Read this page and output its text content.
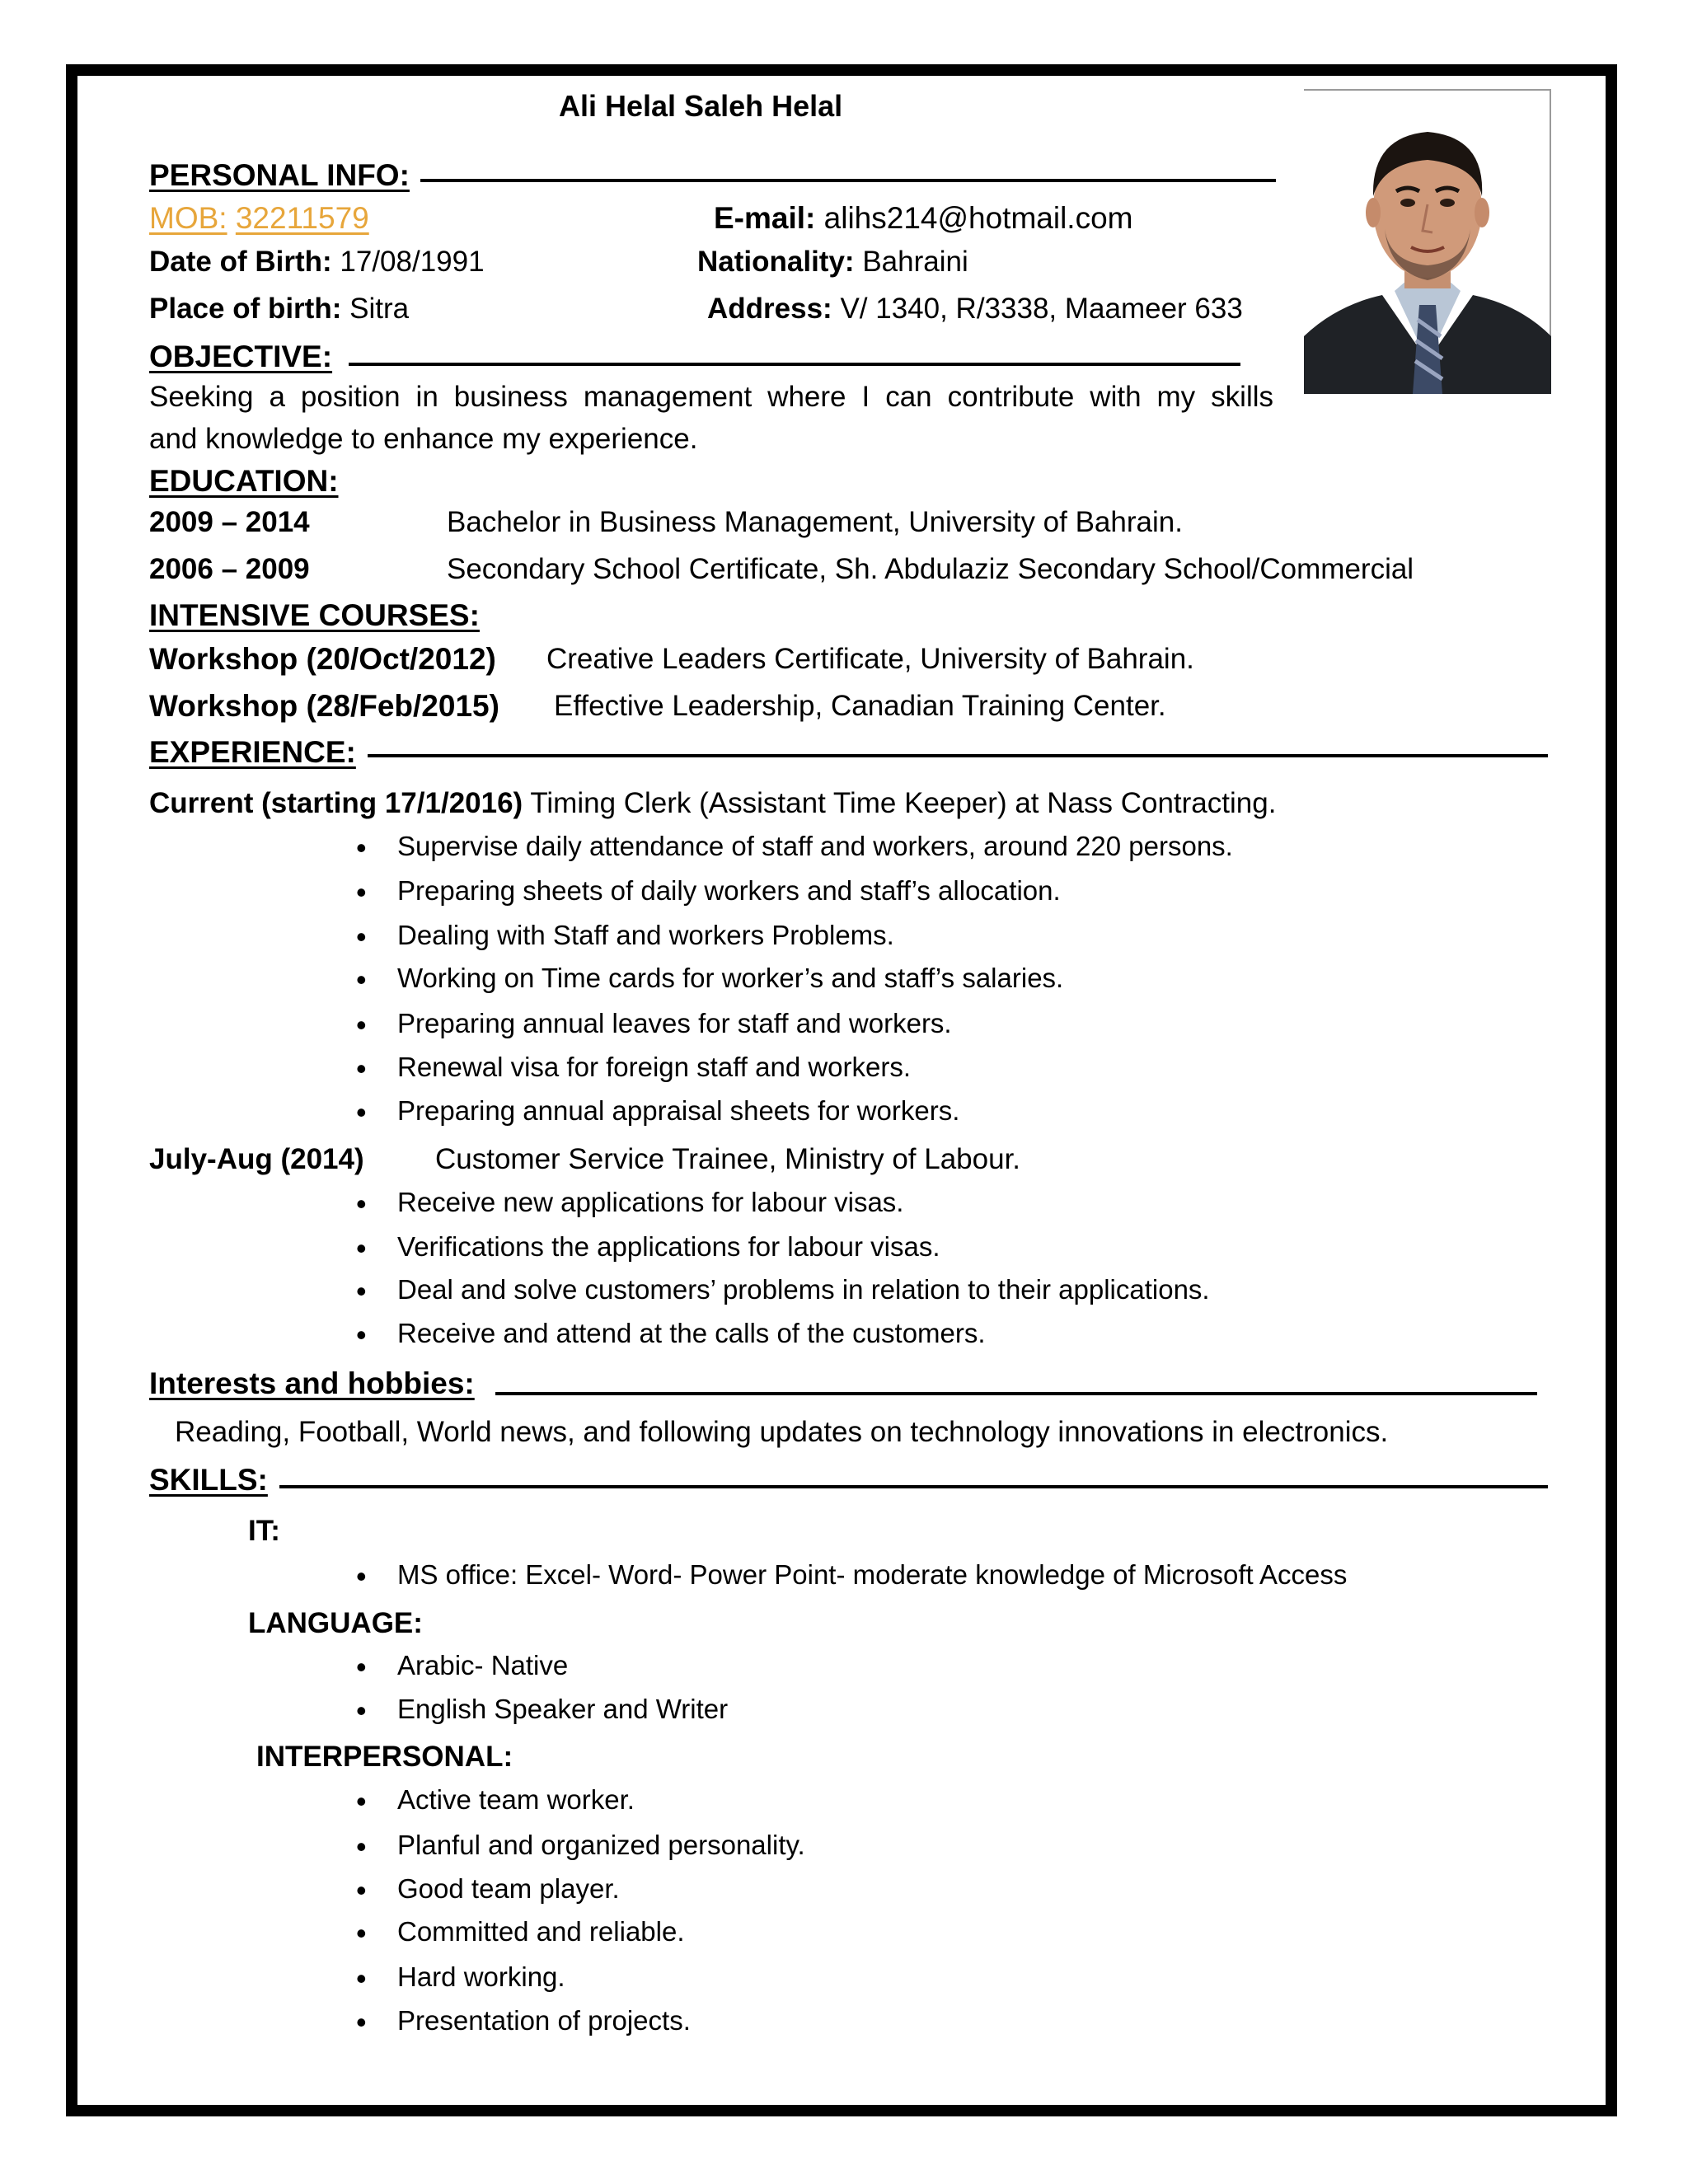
Ali Helal Saleh Helal
PERSONAL INFO:
MOB: 32211579	E-mail: alihs214@hotmail.com
Date of Birth: 17/08/1991	Nationality: Bahraini
Place of birth: Sitra	Address: V/ 1340, R/3338, Maameer 633
OBJECTIVE:
Seeking a position in business management where I can contribute with my skills
and knowledge to enhance my experience.
EDUCATION:
2009 – 2014	Bachelor in Business Management, University of Bahrain.
2006 – 2009	Secondary School Certificate, Sh. Abdulaziz Secondary School/Commercial
INTENSIVE COURSES:
Workshop (20/Oct/2012) Creative Leaders Certificate, University of Bahrain.
Workshop (28/Feb/2015) Effective Leadership, Canadian Training Center.
EXPERIENCE:
Current (starting 17/1/2016) Timing Clerk (Assistant Time Keeper) at Nass Contracting.
• Supervise daily attendance of staff and workers, around 220 persons.
• Preparing sheets of daily workers and staff’s allocation.
• Dealing with Staff and workers Problems.
• Working on Time cards for worker’s and staff’s salaries.
• Preparing annual leaves for staff and workers.
• Renewal visa for foreign staff and workers.
• Preparing annual appraisal sheets for workers.
July-Aug (2014) Customer Service Trainee, Ministry of Labour.
• Receive new applications for labour visas.
• Verifications the applications for labour visas.
• Deal and solve customers’ problems in relation to their applications.
• Receive and attend at the calls of the customers.
Interests and hobbies:
Reading, Football, World news, and following updates on technology innovations in electronics.
SKILLS:
IT:
• MS office: Excel- Word- Power Point- moderate knowledge of Microsoft Access
LANGUAGE:
• Arabic- Native
• English Speaker and Writer
INTERPERSONAL:
• Active team worker.
• Planful and organized personality.
• Good team player.
• Committed and reliable.
• Hard working.
• Presentation of projects.
